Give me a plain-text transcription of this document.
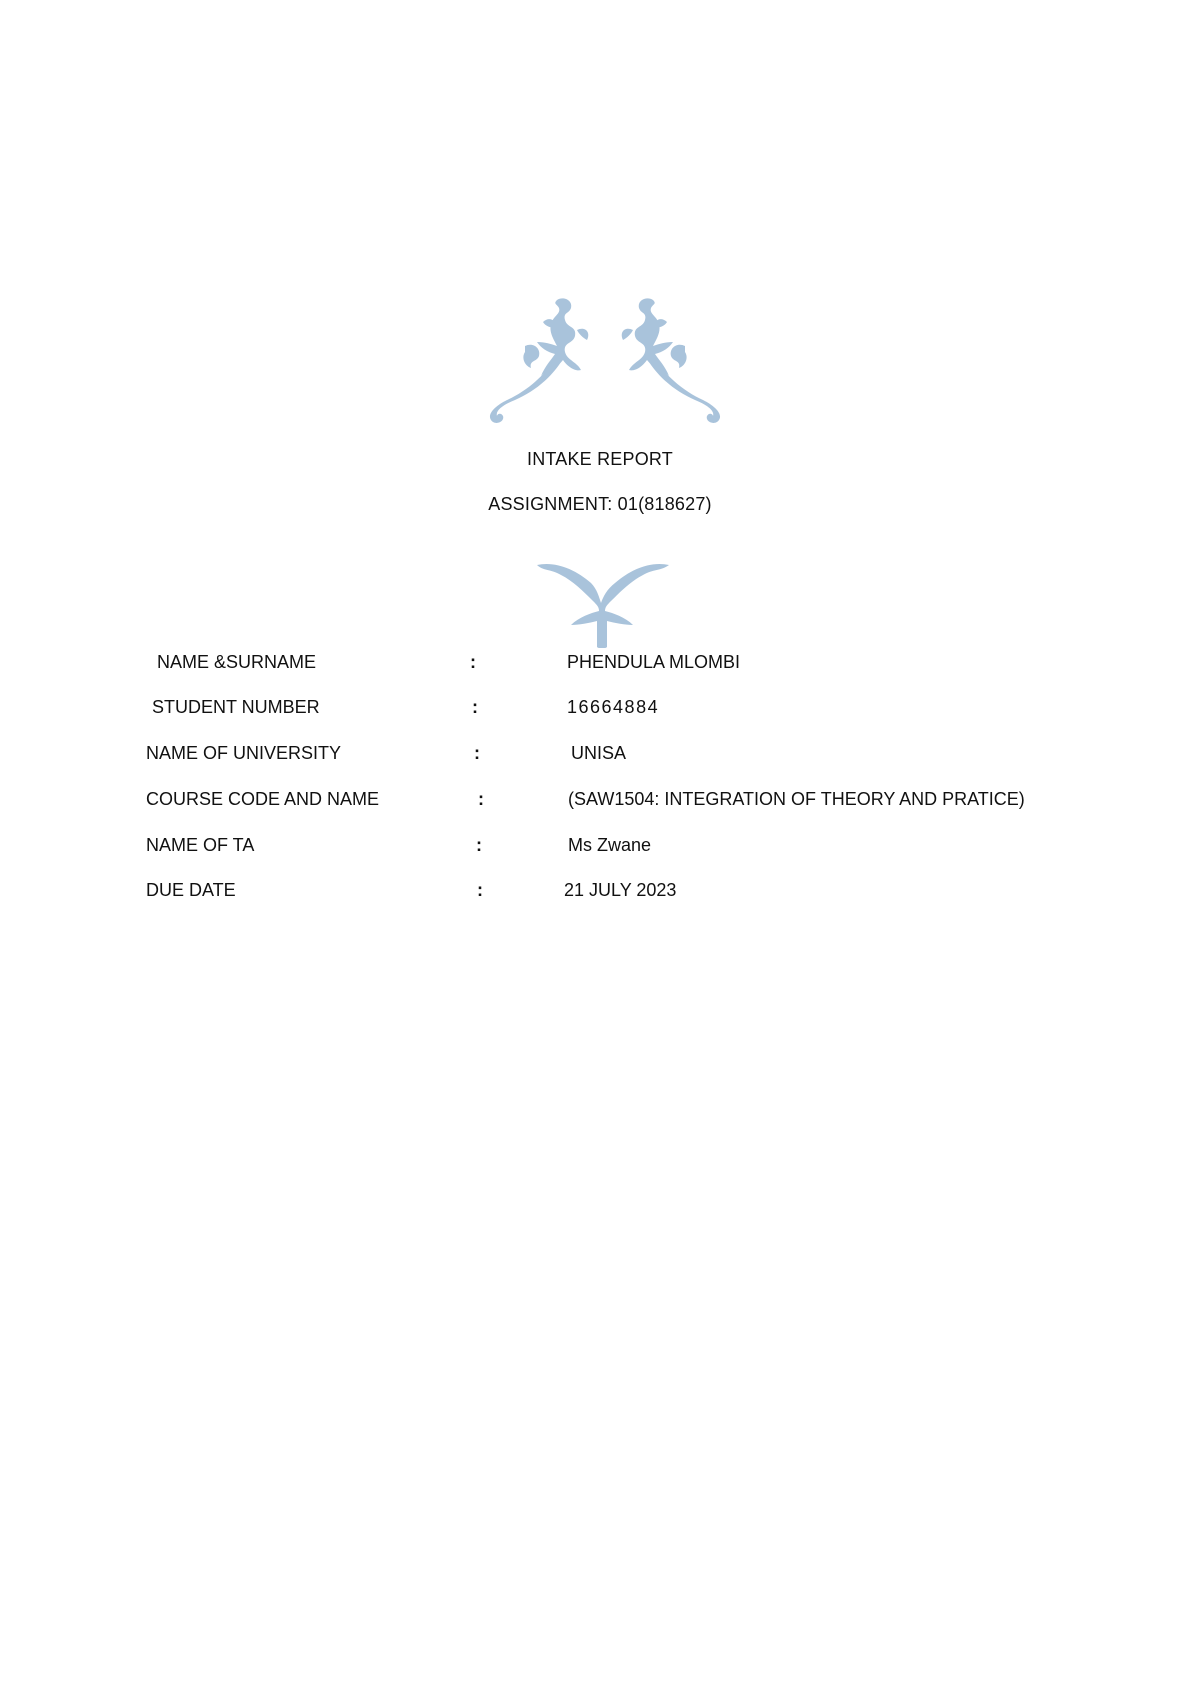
INTAKE REPORT
ASSIGNMENT: 01(818627)
NAME &SURNAME	:	PHENDULA MLOMBI
STUDENT NUMBER	:	16664884
NAME OF UNIVERSITY	:	UNISA
COURSE CODE AND NAME	:	(SAW1504: INTEGRATION OF THEORY AND PRATICE)
NAME OF TA	:	Ms Zwane
DUE DATE	:	21 JULY 2023
